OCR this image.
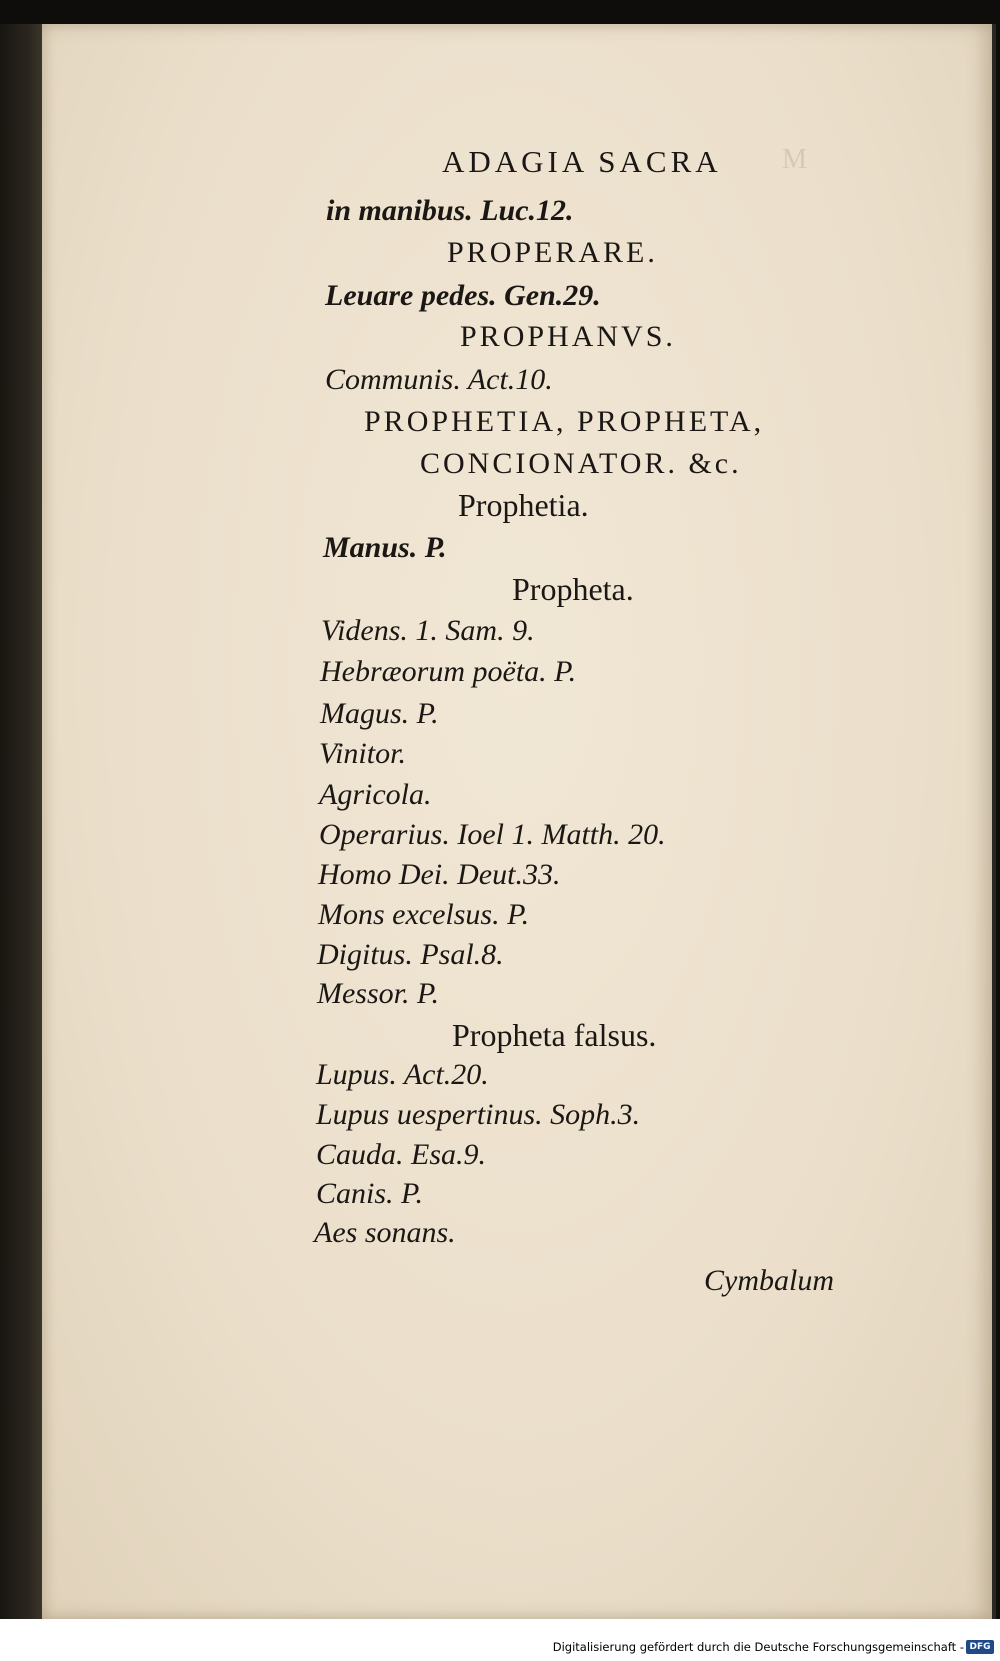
M
ADAGIA SACRA
in manibus. Luc.12.
PROPERARE.
Leuare pedes. Gen.29.
PROPHANVS.
Communis. Act.10.
PROPHETIA, PROPHETA,
CONCIONATOR. &c.
Prophetia.
Manus. P.
Propheta.
Videns. 1. Sam. 9.
Hebræorum poëta. P.
Magus. P.
Vinitor.
Agricola.
Operarius. Ioel 1. Matth. 20.
Homo Dei. Deut.33.
Mons excelsus. P.
Digitus. Psal.8.
Messor. P.
Propheta falsus.
Lupus. Act.20.
Lupus uespertinus. Soph.3.
Cauda. Esa.9.
Canis. P.
Aes sonans.
Cymbalum
Digitalisierung gefördert durch die Deutsche Forschungsgemeinschaft - DFG
